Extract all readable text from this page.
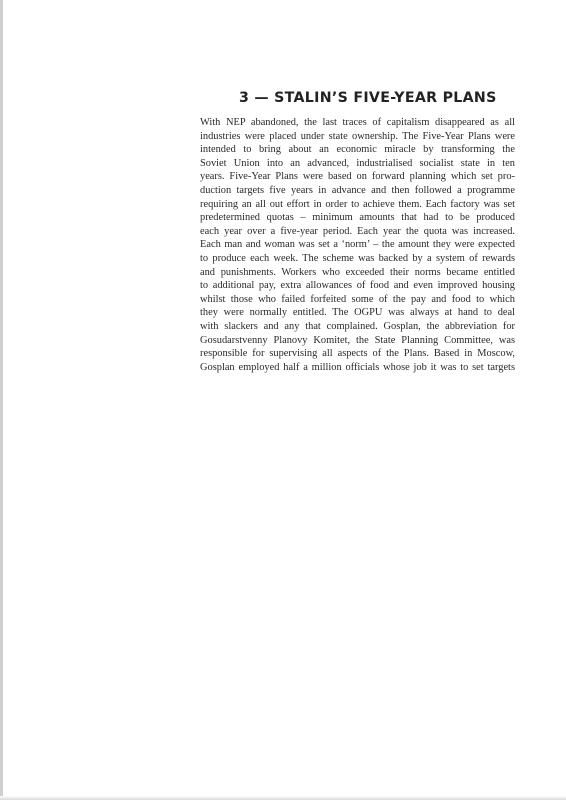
3 — STALIN’S FIVE-YEAR PLANS
With NEP abandoned, the last traces of capitalism disappeared as all
industries were placed under state ownership. The Five-Year Plans were
intended to bring about an economic miracle by transforming the
Soviet Union into an advanced, industrialised socialist state in ten
years. Five-Year Plans were based on forward planning which set pro-
duction targets five years in advance and then followed a programme
requiring an all out effort in order to achieve them. Each factory was set
predetermined quotas – minimum amounts that had to be produced
each year over a five-year period. Each year the quota was increased.
Each man and woman was set a ‘norm’ – the amount they were expected
to produce each week. The scheme was backed by a system of rewards
and punishments. Workers who exceeded their norms became entitled
to additional pay, extra allowances of food and even improved housing
whilst those who failed forfeited some of the pay and food to which
they were normally entitled. The OGPU was always at hand to deal
with slackers and any that complained. Gosplan, the abbreviation for
Gosudarstvenny Planovy Komitet, the State Planning Committee, was
responsible for supervising all aspects of the Plans. Based in Moscow,
Gosplan employed half a million officials whose job it was to set targets
